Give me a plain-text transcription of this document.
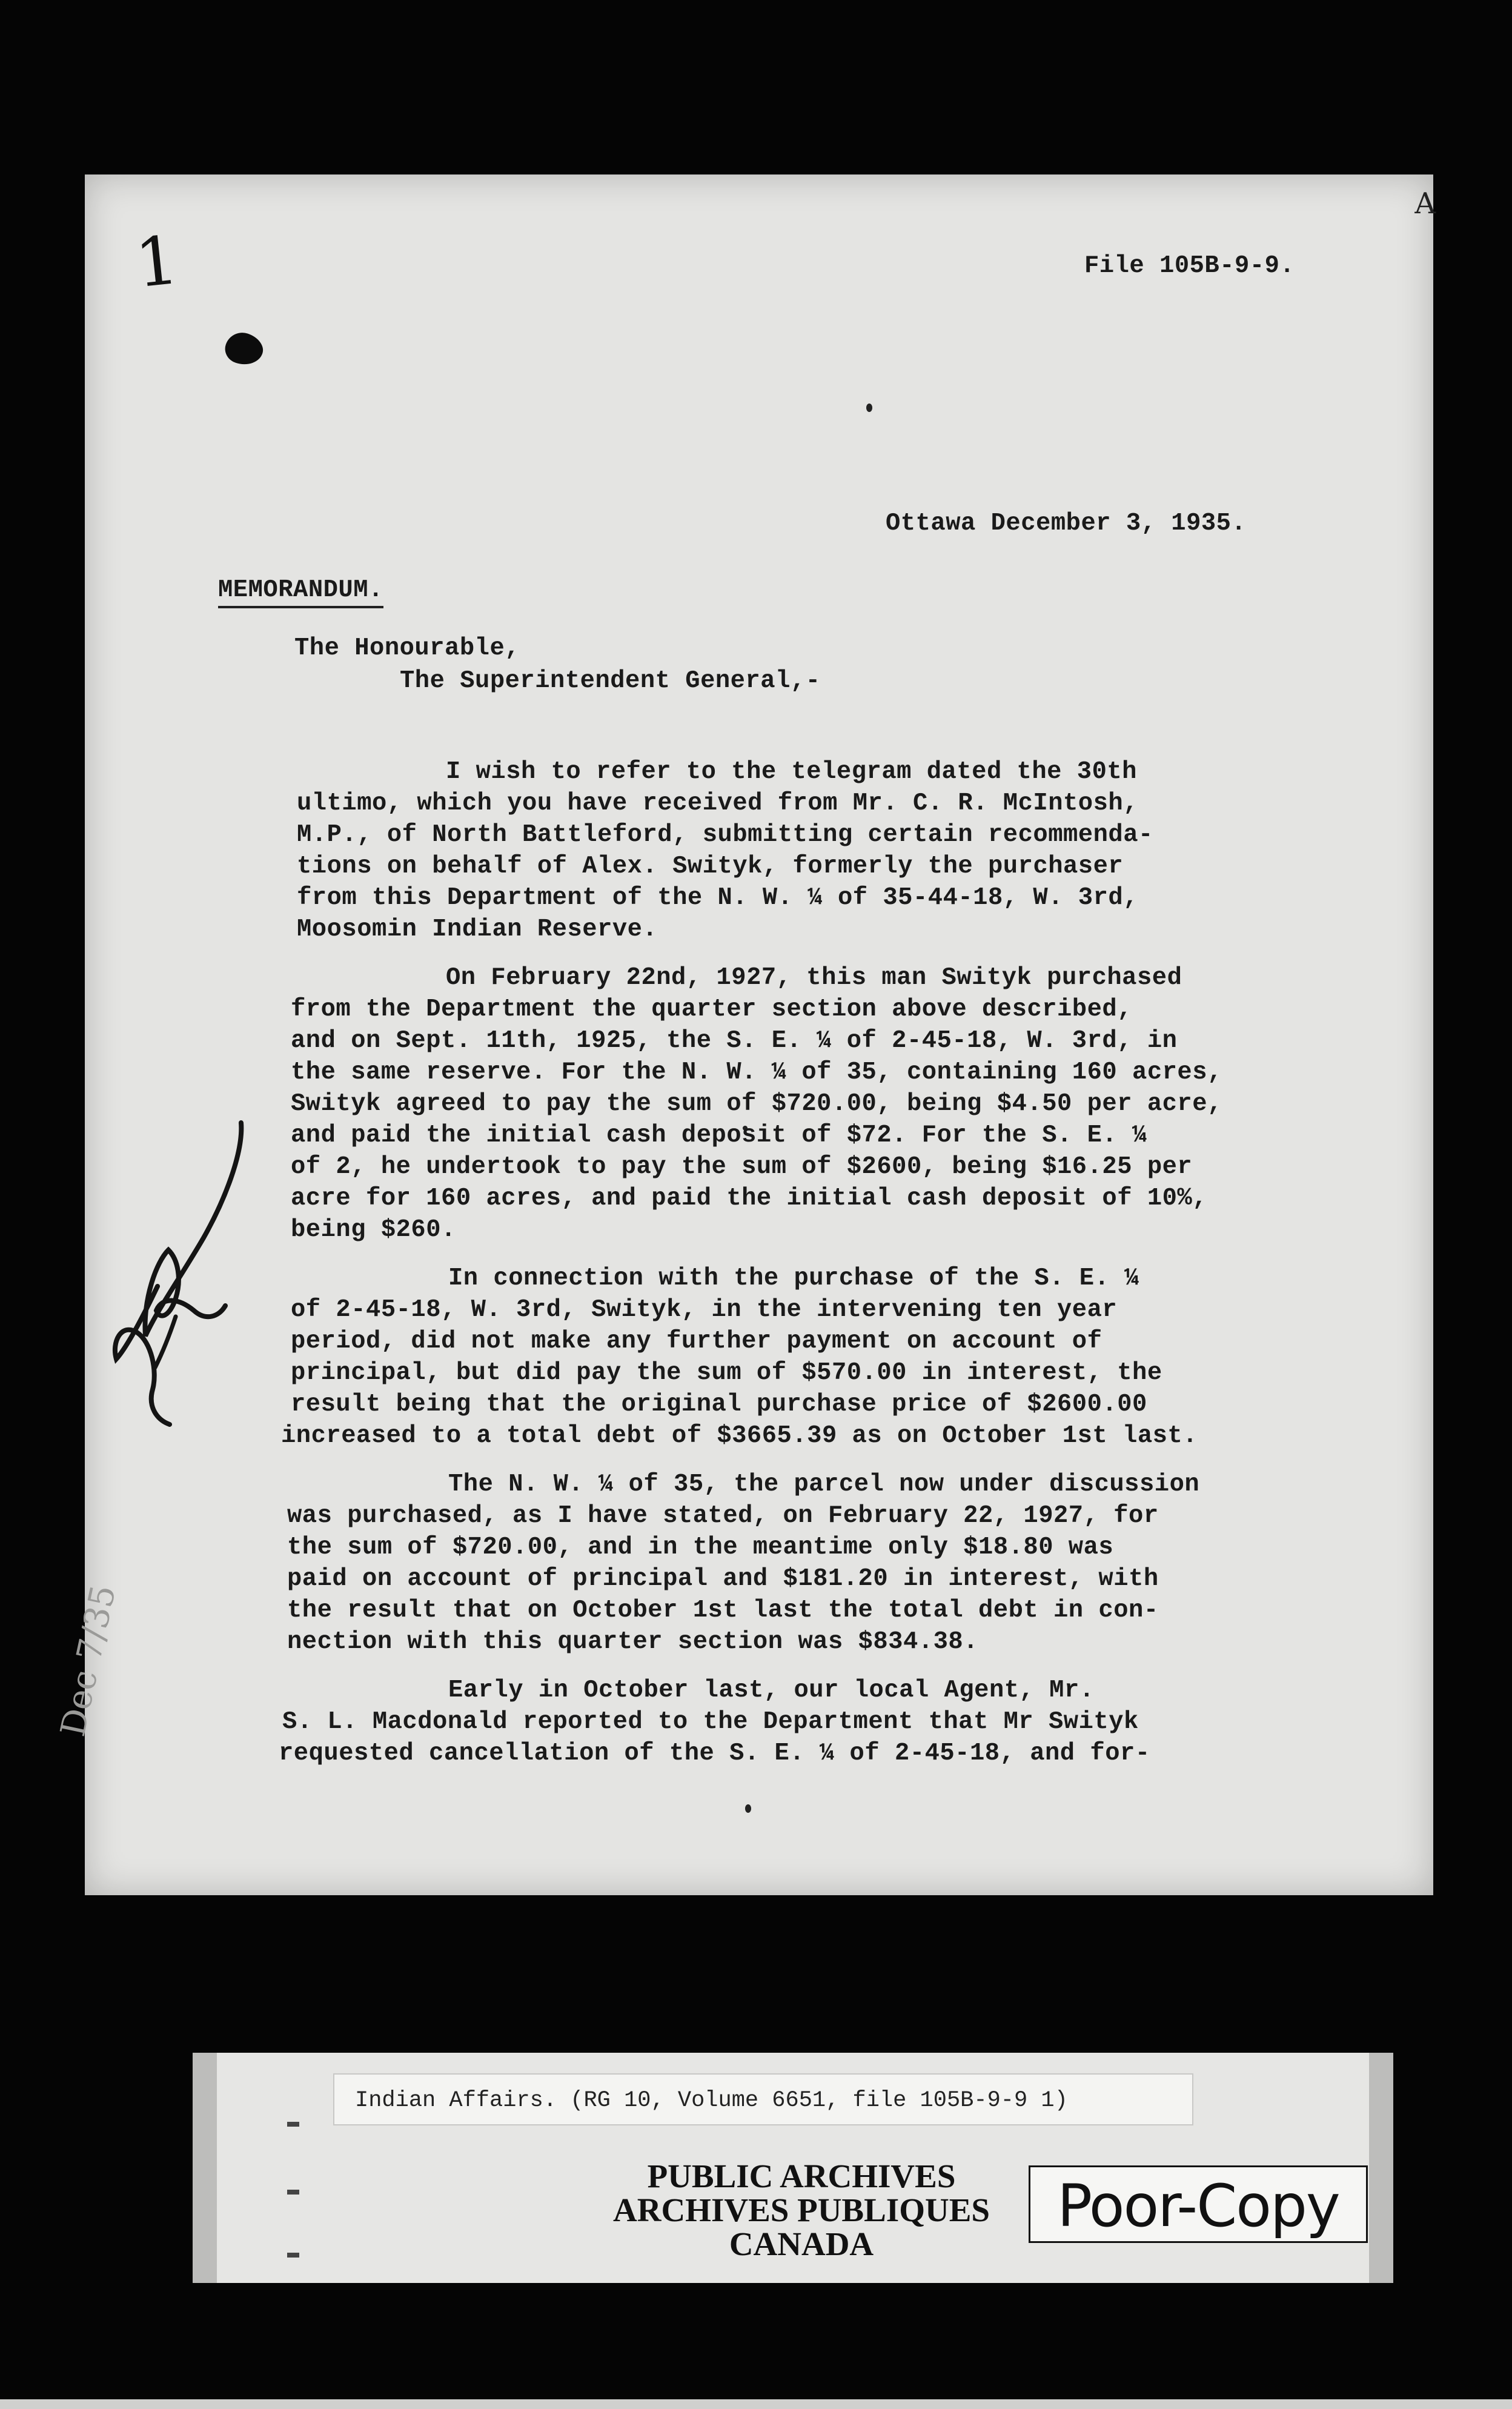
A
1	File 105B-9-9.
Ottawa December 3, 1935.
MEMORANDUM.
The Honourable,
The Superintendent General,-
I wish to refer to the telegram dated the 30th
ultimo, which you have received from Mr. C. R. McIntosh,
M.P., of North Battleford, submitting certain recommenda-
tions on behalf of Alex. Swityk, formerly the purchaser
from this Department of the N. W. ¼ of 35-44-18, W. 3rd,
Moosomin Indian Reserve.
On February 22nd, 1927, this man Swityk purchased
from the Department the quarter section above described,
and on Sept. 11th, 1925, the S. E. ¼ of 2-45-18, W. 3rd, in
the same reserve. For the N. W. ¼ of 35, containing 160 acres,
Swityk agreed to pay the sum of $720.00, being $4.50 per acre,
and paid the initial cash deposit of $72. For the S. E. ¼
of 2, he undertook to pay the sum of $2600, being $16.25 per
acre for 160 acres, and paid the initial cash deposit of 10%,
being $260.
In connection with the purchase of the S. E. ¼
of 2-45-18, W. 3rd, Swityk, in the intervening ten year
period, did not make any further payment on account of
principal, but did pay the sum of $570.00 in interest, the
result being that the original purchase price of $2600.00
increased to a total debt of $3665.39 as on October 1st last.
The N. W. ¼ of 35, the parcel now under discussion
was purchased, as I have stated, on February 22, 1927, for
the sum of $720.00, and in the meantime only $18.80 was
paid on account of principal and $181.20 in interest, with
the result that on October 1st last the total debt in con-
nection with this quarter section was $834.38.
Early in October last, our local Agent, Mr.
S. L. Macdonald reported to the Department that Mr Swityk
requested cancellation of the S. E. ¼ of 2-45-18, and for-
Dec 7/35
Indian Affairs. (RG 10, Volume 6651, file 105B-9-9 1)
PUBLIC ARCHIVES
ARCHIVES PUBLIQUES
CANADA
Poor-Copy
